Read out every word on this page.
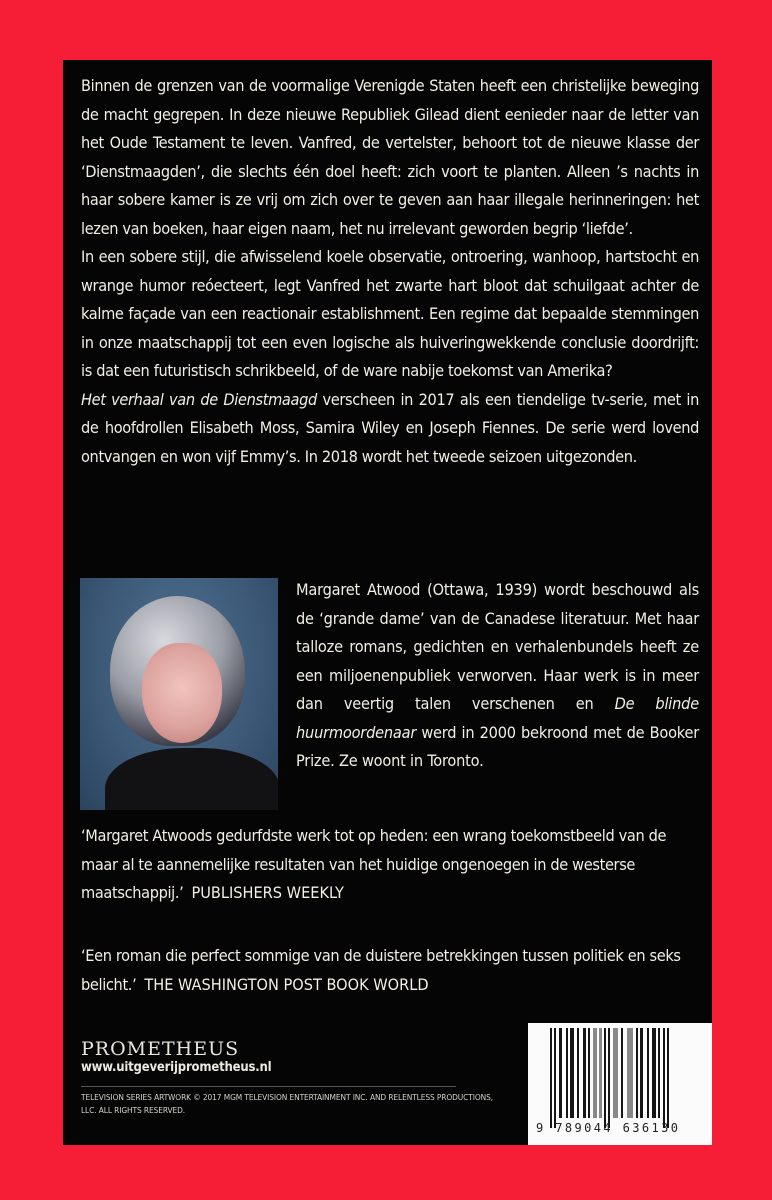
Binnen de grenzen van de voormalige Verenigde Staten heeft een christelijke beweging de macht gegrepen. In deze nieuwe Republiek Gilead dient eenieder naar de letter van het Oude Testament te leven. Vanfred, de vertelster, behoort tot de nieuwe klasse der ‘Dienstmaagden’, die slechts één doel heeft: zich voort te planten. Alleen ’s nachts in haar sobere kamer is ze vrij om zich over te geven aan haar illegale herinneringen: het lezen van boeken, haar eigen naam, het nu irrelevant geworden begrip ‘liefde’.

In een sobere stijl, die afwisselend koele observatie, ontroering, wanhoop, hartstocht en wrange humor reóecteert, legt Vanfred het zwarte hart bloot dat schuilgaat achter de kalme façade van een reactionair establishment. Een regime dat bepaalde stemmingen in onze maatschappij tot een even logische als huiveringwekkende conclusie doordrijft: is dat een futuristisch schrikbeeld, of de ware nabije toekomst van Amerika?

Het verhaal van de Dienstmaagd verscheen in 2017 als een tiendelige tv-serie, met in de hoofdrollen Elisabeth Moss, Samira Wiley en Joseph Fiennes. De serie werd lovend ontvangen en won vijf Emmy’s. In 2018 wordt het tweede seizoen uitgezonden.

Margaret Atwood (Ottawa, 1939) wordt beschouwd als de ‘grande dame’ van de Canadese literatuur. Met haar talloze romans, gedichten en verhalenbundels heeft ze een miljoenenpubliek verworven. Haar werk is in meer dan veertig talen verschenen en De blinde huurmoordenaar werd in 2000 bekroond met de Booker Prize. Ze woont in Toronto.
‘Margaret Atwoods gedurfdste werk tot op heden: een wrang toekomstbeeld van de maar al te aannemelijke resultaten van het huidige ongenoegen in de westerse maatschappij.’ PUBLISHERS WEEKLY
‘Een roman die perfect sommige van de duistere betrekkingen tussen politiek en seks belicht.’ THE WASHINGTON POST BOOK WORLD
PROMETHEUS
www.uitgeverijprometheus.nl
TELEVISION SERIES ARTWORK © 2017 MGM TELEVISION ENTERTAINMENT INC. AND RELENTLESS PRODUCTIONS, LLC. ALL RIGHTS RESERVED.
9 789044 636130
